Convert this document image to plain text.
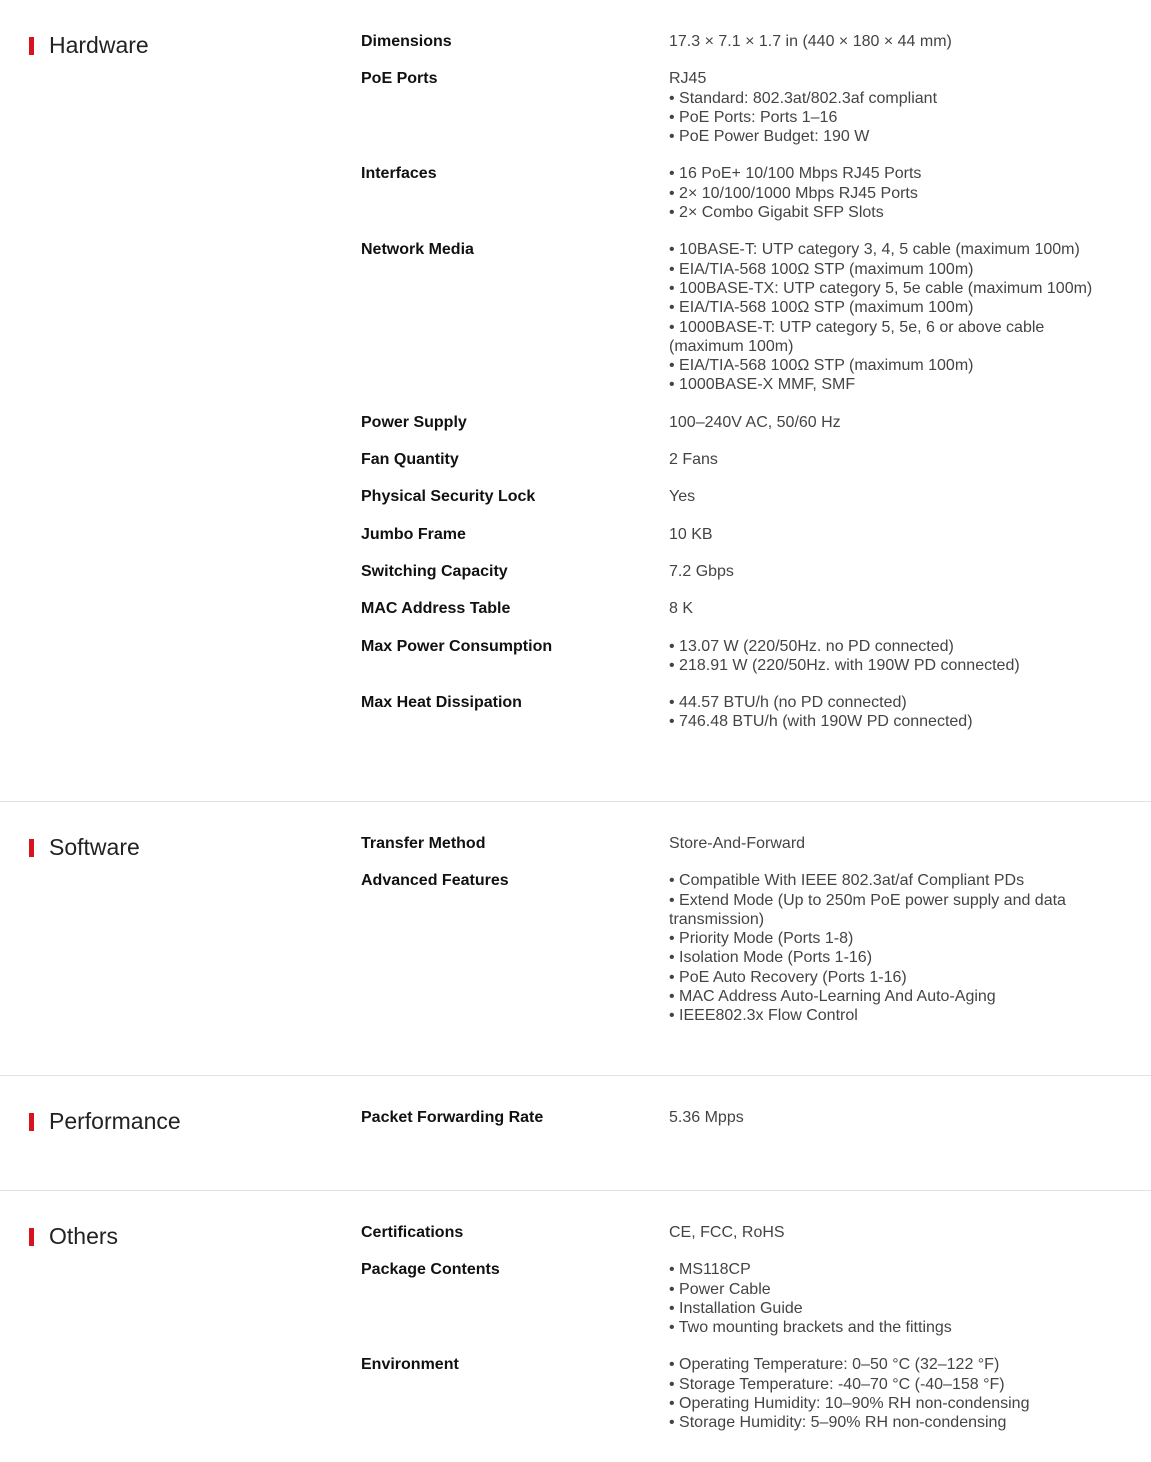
Hardware	Dimensions	17.3 × 7.1 × 1.7 in (440 × 180 × 44 mm)
PoE Ports	RJ45
• Standard: 802.3at/802.3af compliant
• PoE Ports: Ports 1–16
• PoE Power Budget: 190 W
Interfaces	• 16 PoE+ 10/100 Mbps RJ45 Ports
• 2× 10/100/1000 Mbps RJ45 Ports
• 2× Combo Gigabit SFP Slots
Network Media	• 10BASE-T: UTP category 3, 4, 5 cable (maximum 100m)
• EIA/TIA-568 100Ω STP (maximum 100m)
• 100BASE-TX: UTP category 5, 5e cable (maximum 100m)
• EIA/TIA-568 100Ω STP (maximum 100m)
• 1000BASE-T: UTP category 5, 5e, 6 or above cable
(maximum 100m)
• EIA/TIA-568 100Ω STP (maximum 100m)
• 1000BASE-X MMF, SMF
Power Supply	100–240V AC, 50/60 Hz
Fan Quantity	2 Fans
Physical Security Lock	Yes
Jumbo Frame	10 KB
Switching Capacity	7.2 Gbps
MAC Address Table	8 K
Max Power Consumption	• 13.07 W (220/50Hz. no PD connected)
• 218.91 W (220/50Hz. with 190W PD connected)
Max Heat Dissipation	• 44.57 BTU/h (no PD connected)
• 746.48 BTU/h (with 190W PD connected)
Software	Transfer Method	Store-And-Forward
Advanced Features	• Compatible With IEEE 802.3at/af Compliant PDs
• Extend Mode (Up to 250m PoE power supply and data
transmission)
• Priority Mode (Ports 1-8)
• Isolation Mode (Ports 1-16)
• PoE Auto Recovery (Ports 1-16)
• MAC Address Auto-Learning And Auto-Aging
• IEEE802.3x Flow Control
Performance	Packet Forwarding Rate	5.36 Mpps
Others	Certifications	CE, FCC, RoHS
Package Contents	• MS118CP
• Power Cable
• Installation Guide
• Two mounting brackets and the fittings
Environment	• Operating Temperature: 0–50 °C (32–122 °F)
• Storage Temperature: -40–70 °C (-40–158 °F)
• Operating Humidity: 10–90% RH non-condensing
• Storage Humidity: 5–90% RH non-condensing
